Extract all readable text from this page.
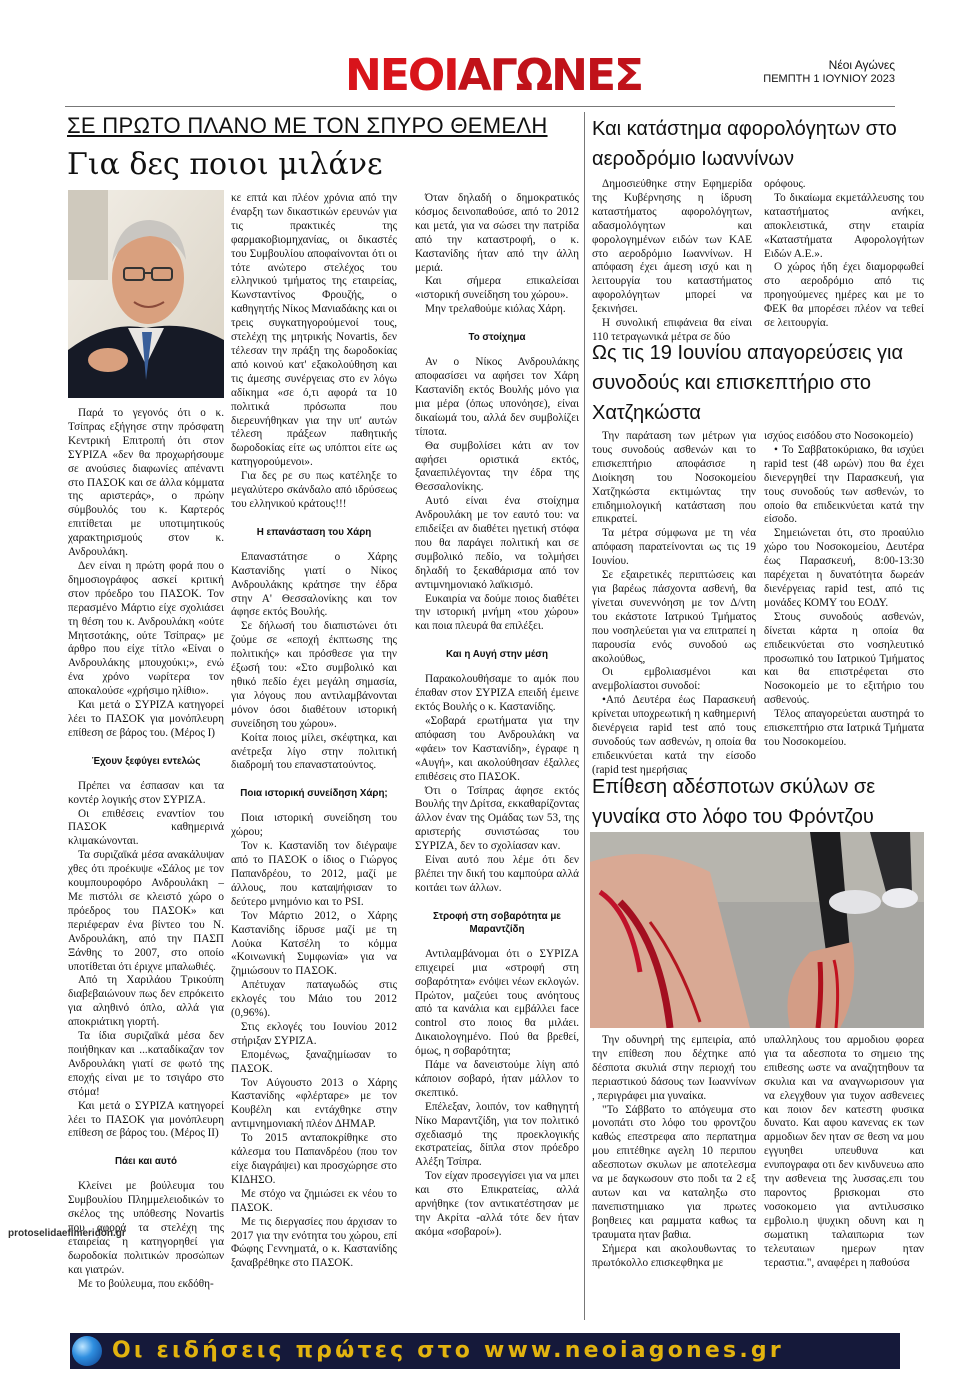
ΝΕΟΙΑΓΩΝΕΣ	Νέοι Αγώνες
ΠΕΜΠΤΗ 1 ΙΟΥΝΙΟΥ 2023
ΣΕ ΠΡΩΤΟ ΠΛΑΝΟ ΜΕ ΤΟΝ ΣΠΥΡΟ ΘΕΜΕΛΗ
Για δες ποιοι μιλάνε

Παρά το γεγονός ότι ο κ. Τσίπρας εξήγησε στην πρόσφατη Κεντρική Επιτροπή ότι στον ΣΥΡΙΖΑ «δεν θα προχωρήσουμε σε ανούσιες διαφωνίες απέναντι στο ΠΑΣΟΚ και σε άλλα κόμματα της αριστεράς», ο πρώην σύμβουλός του κ. Καρτερός επιτίθεται με υποτιμητικούς χαρακτηρισμούς στον κ. Ανδρουλάκη.

Δεν είναι η πρώτη φορά που ο δημοσιογράφος ασκεί κριτική στον πρόεδρο του ΠΑΣΟΚ. Τον περασμένο Μάρτιο είχε σχολιάσει τη θέση του κ. Ανδρουλάκη «ούτε Μητσοτάκης, ούτε Τσίπρας» με άρθρο που είχε τίτλο «Είναι ο Ανδρουλάκης μπουχούκι;», ενώ ένα χρόνο νωρίτερα τον αποκαλούσε «χρήσιμο ηλίθιο».

Και μετά ο ΣΥΡΙΖΑ κατηγορεί λέει το ΠΑΣΟΚ για μονόπλευρη επίθεση σε βάρος του. (Μέρος Ι)

Έχουν ξεφύγει εντελώς

Πρέπει να έσπασαν και τα κοντέρ λογικής στον ΣΥΡΙΖΑ.

Οι επιθέσεις εναντίον του ΠΑΣΟΚ καθημερινά κλιμακώνονται.

Τα συριζαϊκά μέσα ανακάλυψαν χθες ότι προέκυψε «Σάλος με τον κουμπουροφόρο Ανδρουλάκη – Με πιστόλι σε κλειστό χώρο ο πρόεδρος του ΠΑΣΟΚ» και περιέφεραν ένα βίντεο του Ν. Ανδρουλάκη, από την ΠΑΣΠ Ξάνθης το 2007, στο οποίο υποτίθεται ότι έριχνε μπαλωθιές.

Από τη Χαριλάου Τρικούπη διαβεβαιώνουν πως δεν επρόκειτο για αληθινό όπλο, αλλά για αποκριάτικη γιορτή.

Τα ίδια συριζαϊκά μέσα δεν ποιήθηκαν και ...καταδίκαζαν τον Ανδρουλάκη γιατί σε φωτό της εποχής είναι με το τσιγάρο στο στόμα!

Και μετά ο ΣΥΡΙΖΑ κατηγορεί λέει το ΠΑΣΟΚ για μονόπλευρη επίθεση σε βάρος του. (Μέρος ΙΙ)

Πάει και αυτό

Κλείνει με βούλευμα του Συμβουλίου Πλημμελειοδικών το σκέλος της υπόθεσης Novartis που αφορά τα στελέχη της εταιρείας η κατηγορηθεί για δωροδοκία πολιτικών προσώπων και γιατρών.

Με το βούλευμα, που εκδόθη-

κε επτά και πλέον χρόνια από την έναρξη των δικαστικών ερευνών για τις πρακτικές της φαρμακοβιομηχανίας, οι δικαστές του Συμβουλίου αποφαίνονται ότι οι τότε ανώτερο στελέχος του ελληνικού τμήματος της εταιρείας, Κωνσταντίνος Φρουζής, ο καθηγητής Νίκος Μανιαδάκης και οι τρεις συγκατηγορούμενοί τους, στελέχη της μητρικής Novartis, δεν τέλεσαν την πράξη της δωροδοκίας από κοινού κατ' εξακολούθηση και τις άμεσης συνέργειας στο εν λόγω αδίκημα «σε ό,τι αφορά τα 10 πολιτικά πρόσωπα που διερευνήθηκαν για την υπ' αυτών τέλεση πράξεων παθητικής δωροδοκίας είτε ως υπόπτοι είτε ως κατηγορούμενοι».

Για δες ρε συ πως κατέληξε το μεγαλύτερο σκάνδαλο από ιδρύσεως του ελληνικού κράτους!!!

Η επανάσταση του Χάρη

Επαναστάτησε ο Χάρης Καστανίδης γιατί ο Νίκος Ανδρουλάκης κράτησε την έδρα στην Α' Θεσσαλονίκης και τον άφησε εκτός Βουλής.

Σε δήλωσή του διαπιστώνει ότι ζούμε σε «εποχή έκπτωσης της πολιτικής» και πρόσθεσε για την έξωσή του: «Στο συμβολικό και ηθικό πεδίο έχει μεγάλη σημασία, για λόγους που αντιλαμβάνονται μόνον όσοι διαθέτουν ιστορική συνείδηση του χώρου».

Κοίτα ποιος μίλει, σκέφτηκα, και ανέτρεξα λίγο στην πολιτική διαδρομή του επαναστατούντος.

Ποια ιστορική συνείδηση Χάρη;

Ποια ιστορική συνείδηση του χώρου;

Τον κ. Καστανίδη τον διέγραψε από το ΠΑΣΟΚ ο ίδιος ο Γιώργος Παπανδρέου, το 2012, μαζί με άλλους, που καταψήφισαν το δεύτερο μνημόνιο και το PSI.

Τον Μάρτιο 2012, ο Χάρης Καστανίδης ίδρυσε μαζί με τη Λούκα Κατσέλη το κόμμα «Κοινωνική Συμφωνία» για να ζημιώσουν το ΠΑΣΟΚ.

Απέτυχαν παταγωδώς στις εκλογές του Μάιο του 2012 (0,96%).

Στις εκλογές του Ιουνίου 2012 στήριξαν ΣΥΡΙΖΑ.

Επομένως, ξαναζημίωσαν το ΠΑΣΟΚ.

Τον Αύγουστο 2013 ο Χάρης Καστανίδης «φλέρταρε» με τον Κουβέλη και εντάχθηκε στην αντιμνημονιακή πλέον ΔΗΜΑΡ.

Το 2015 ανταποκρίθηκε στο κάλεσμα του Παπανδρέου (που τον είχε διαγράψει) και προσχώρησε στο ΚΙΔΗΣΟ.

Με στόχο να ζημιώσει εκ νέου το ΠΑΣΟΚ.

Με τις διεργασίες που άρχισαν το 2017 για την ενότητα του χώρου, επί Φώφης Γεννηματά, ο κ. Καστανίδης ξαναβρέθηκε στο ΠΑΣΟΚ.

Όταν δηλαδή ο δημοκρατικός κόσμος δεινοπαθούσε, από το 2012 και μετά, για να σώσει την πατρίδα από την καταστροφή, ο κ. Καστανίδης ήταν από την άλλη μεριά.

Και σήμερα επικαλείσαι «ιστορική συνείδηση του χώρου».

Μην τρελαθούμε κιόλας Χάρη.

Το στοίχημα

Αν ο Νίκος Ανδρουλάκης αποφασίσει να αφήσει τον Χάρη Καστανίδη εκτός Βουλής μόνο για μια μέρα (όπως υπονόησε), είναι δικαίωμά του, αλλά δεν συμβολίζει τίποτα.

Θα συμβολίσει κάτι αν τον αφήσει οριστικά εκτός, ξαναεπιλέγοντας την έδρα της Θεσσαλονίκης.

Αυτό είναι ένα στοίχημα Ανδρουλάκη με τον εαυτό του: να επιδείξει αν διαθέτει ηγετική στόφα που θα παράγει πολιτική και σε συμβολικό πεδίο, να τολμήσει δηλαδή το ξεκαθάρισμα από τον αντιμνημονιακό λαϊκισμό.

Ευκαιρία να δούμε ποιος διαθέτει την ιστορική μνήμη «του χώρου» και ποια πλευρά θα επιλέξει.

Και η Αυγή στην μέση

Παρακολουθήσαμε το αμόκ που έπαθαν στον ΣΥΡΙΖΑ επειδή έμεινε εκτός Βουλής ο κ. Καστανίδης.

«Σοβαρά ερωτήματα για την απόφαση του Ανδρουλάκη να «φάει» τον Καστανίδη», έγραφε η «Αυγή», και ακολούθησαν έξαλλες επιθέσεις στο ΠΑΣΟΚ.

Ότι ο Τσίπρας άφησε εκτός Βουλής την Δρίτσα, εκκαθαρίζοντας άλλον έναν της Ομάδας των 53, της αριστερής συνιστώσας του ΣΥΡΙΖΑ, δεν το σχολίασαν καν.

Είναι αυτό που λέμε ότι δεν βλέπει την δική του καμπούρα αλλά κοιτάει των άλλων.

Στροφή στη σοβαρότητα με Μαραντζίδη

Αντιλαμβάνομαι ότι ο ΣΥΡΙΖΑ επιχειρεί μια «στροφή στη σοβαρότητα» ενόψει νέων εκλογών. Πρώτον, μαζεύει τους ανόητους από τα κανάλια και εμβάλλει face control στο ποιος θα μιλάει. Δικαιολογημένο. Πού θα βρεθεί, όμως, η σοβαρότητα;

Πάμε να δανειστούμε λίγη από κάποιον σοβαρό, ήταν μάλλον το σκεπτικό.

Επέλεξαν, λοιπόν, τον καθηγητή Νίκο Μαραντζίδη, για τον πολιτικό σχεδιασμό της προεκλογικής εκστρατείας, δίπλα στον πρόεδρο Αλέξη Τσίπρα.

Τον είχαν προσεγγίσει για να μπει και στο Επικρατείας, αλλά αρνήθηκε (τον αντικατέστησαν με την Ακρίτα -αλλά τότε δεν ήταν ακόμα «σοβαροί»).

Και κατάστημα αφορολόγητων στο αεροδρόμιο Ιωαννίνων

Δημοσιεύθηκε στην Εφημερίδα της Κυβέρνησης η ίδρυση καταστήματος αφορολόγητων, αδασμολόγητων και φορολογημένων ειδών των ΚΑΕ στο αεροδρόμιο Ιωαννίνων. Η απόφαση έχει άμεση ισχύ και η λειτουργία του καταστήματος αφορολόγητων μπορεί να ξεκινήσει.

Η συνολική επιφάνεια θα είναι 110 τετραγωνικά μέτρα σε δύο

ορόφους.

Το δικαίωμα εκμετάλλευσης του καταστήματος ανήκει, αποκλειστικά, στην εταιρία «Καταστήματα Αφορολογήτων Ειδών Α.Ε.».

Ο χώρος ήδη έχει διαμορφωθεί στο αεροδρόμιο από τις προηγούμενες ημέρες και με το ΦΕΚ θα μπορέσει πλέον να τεθεί σε λειτουργία.

Ως τις 19 Ιουνίου απαγορεύσεις για συνοδούς και επισκεπτήριο στο Χατζηκώστα

Την παράταση των μέτρων για τους συνοδούς ασθενών και το επισκεπτήριο αποφάσισε η Διοίκηση του Νοσοκομείου Χατζηκώστα εκτιμώντας την επιδημιολογική κατάσταση που επικρατεί.

Τα μέτρα σύμφωνα με τη νέα απόφαση παρατείνονται ως τις 19 Ιουνίου.

Σε εξαιρετικές περιπτώσεις και για βαρέως πάσχοντα ασθενή, θα γίνεται συνεννόηση με τον Δ/ντη του εκάστοτε Ιατρικού Τμήματος που νοσηλεύεται για να επιτραπεί η παρουσία ενός συνοδού ως ακολούθως,

Οι εμβολιασμένοι και ανεμβολίαστοι συνοδοί:

•Από Δευτέρα έως Παρασκευή κρίνεται υποχρεωτική η καθημερινή διενέργεια rapid test από τους συνοδούς των ασθενών, η οποία θα επιδεικνύεται κατά την είσοδο (rapid test ημερήσιας

ισχύος εισόδου στο Νοσοκομείο)

• Το Σαββατοκύριακο, θα ισχύει rapid test (48 ωρών) που θα έχει διενεργηθεί την Παρασκευή, για τους συνοδούς των ασθενών, το οποίο θα επιδεικνύεται κατά την είσοδο.

Σημειώνεται ότι, στο προαύλιο χώρο του Νοσοκομείου, Δευτέρα έως Παρασκευή, 8:00-13:30 παρέχεται η δυνατότητα δωρεάν διενέργειας rapid test, από τις μονάδες ΚΟΜΥ του ΕΟΔΥ.

Στους συνοδούς ασθενών, δίνεται κάρτα η οποία θα επιδεικνύεται στο νοσηλευτικό προσωπικό του Ιατρικού Τμήματος και θα επιστρέφεται στο Νοσοκομείο με το εξιτήριο του ασθενούς.

Τέλος απαγορεύεται αυστηρά το επισκεπτήριο στα Ιατρικά Τμήματα του Νοσοκομείου.

Επίθεση αδέσποτων σκύλων σε γυναίκα στο λόφο του Φρόντζου

Την οδυνηρή της εμπειρία, από την επίθεση που δέχτηκε από δέσποτα σκυλιά στην περιοχή του περιαστικού δάσους των Ιωαννίνων , περιγράφει μια γυναίκα.

"Το Σάββατο το απόγευμα στο μονοπάτι στο λόφο του φροντζου καθώς επεστρεφα απο περπατημα μου επιτέθηκε αγελη 10 περιπου αδεσποτων σκυλων με αποτελεσμα να με δαγκωσουν στο ποδι τα 2 εξ αυτων και να καταληξω στο πανεπιστημιακο για πρωτες βοηθειες και ραμματα καθως τα τραυματα ηταν βαθια.

Σήμερα και ακολουθωντας το πρωτόκολλο επισκεφθηκα με

υπαλληλους του αρμοδιου φορεα για τα αδεσποτα το σημειο της επιθεσης ωστε να αναζητηθουν τα σκυλια και να αναγνωρισουν για να ελεγχθουν για τυχον ασθενειες και ποιον δεν κατεστη φυσικα δυνατο. Και αφου κανενας εκ των αρμοδιων δεν ηταν σε θεση να μου εγγυηθει υπευθυνα και ενυπογραφα οτι δεν κινδυνευω απο την ασθενεια της λυσσας.επι του παροντος βρισκομαι στο νοσοκομειο για αντιλυσσικο εμβολιο.η ψυχικη οδυνη και η σωματικη ταλαιπωρια των τελευταιων ημερων ηταν τεραστια.", αναφέρει η παθούσα

protoselidaefimeridon.gr
Οι ειδήσεις πρώτες στο www.neoiagones.gr
